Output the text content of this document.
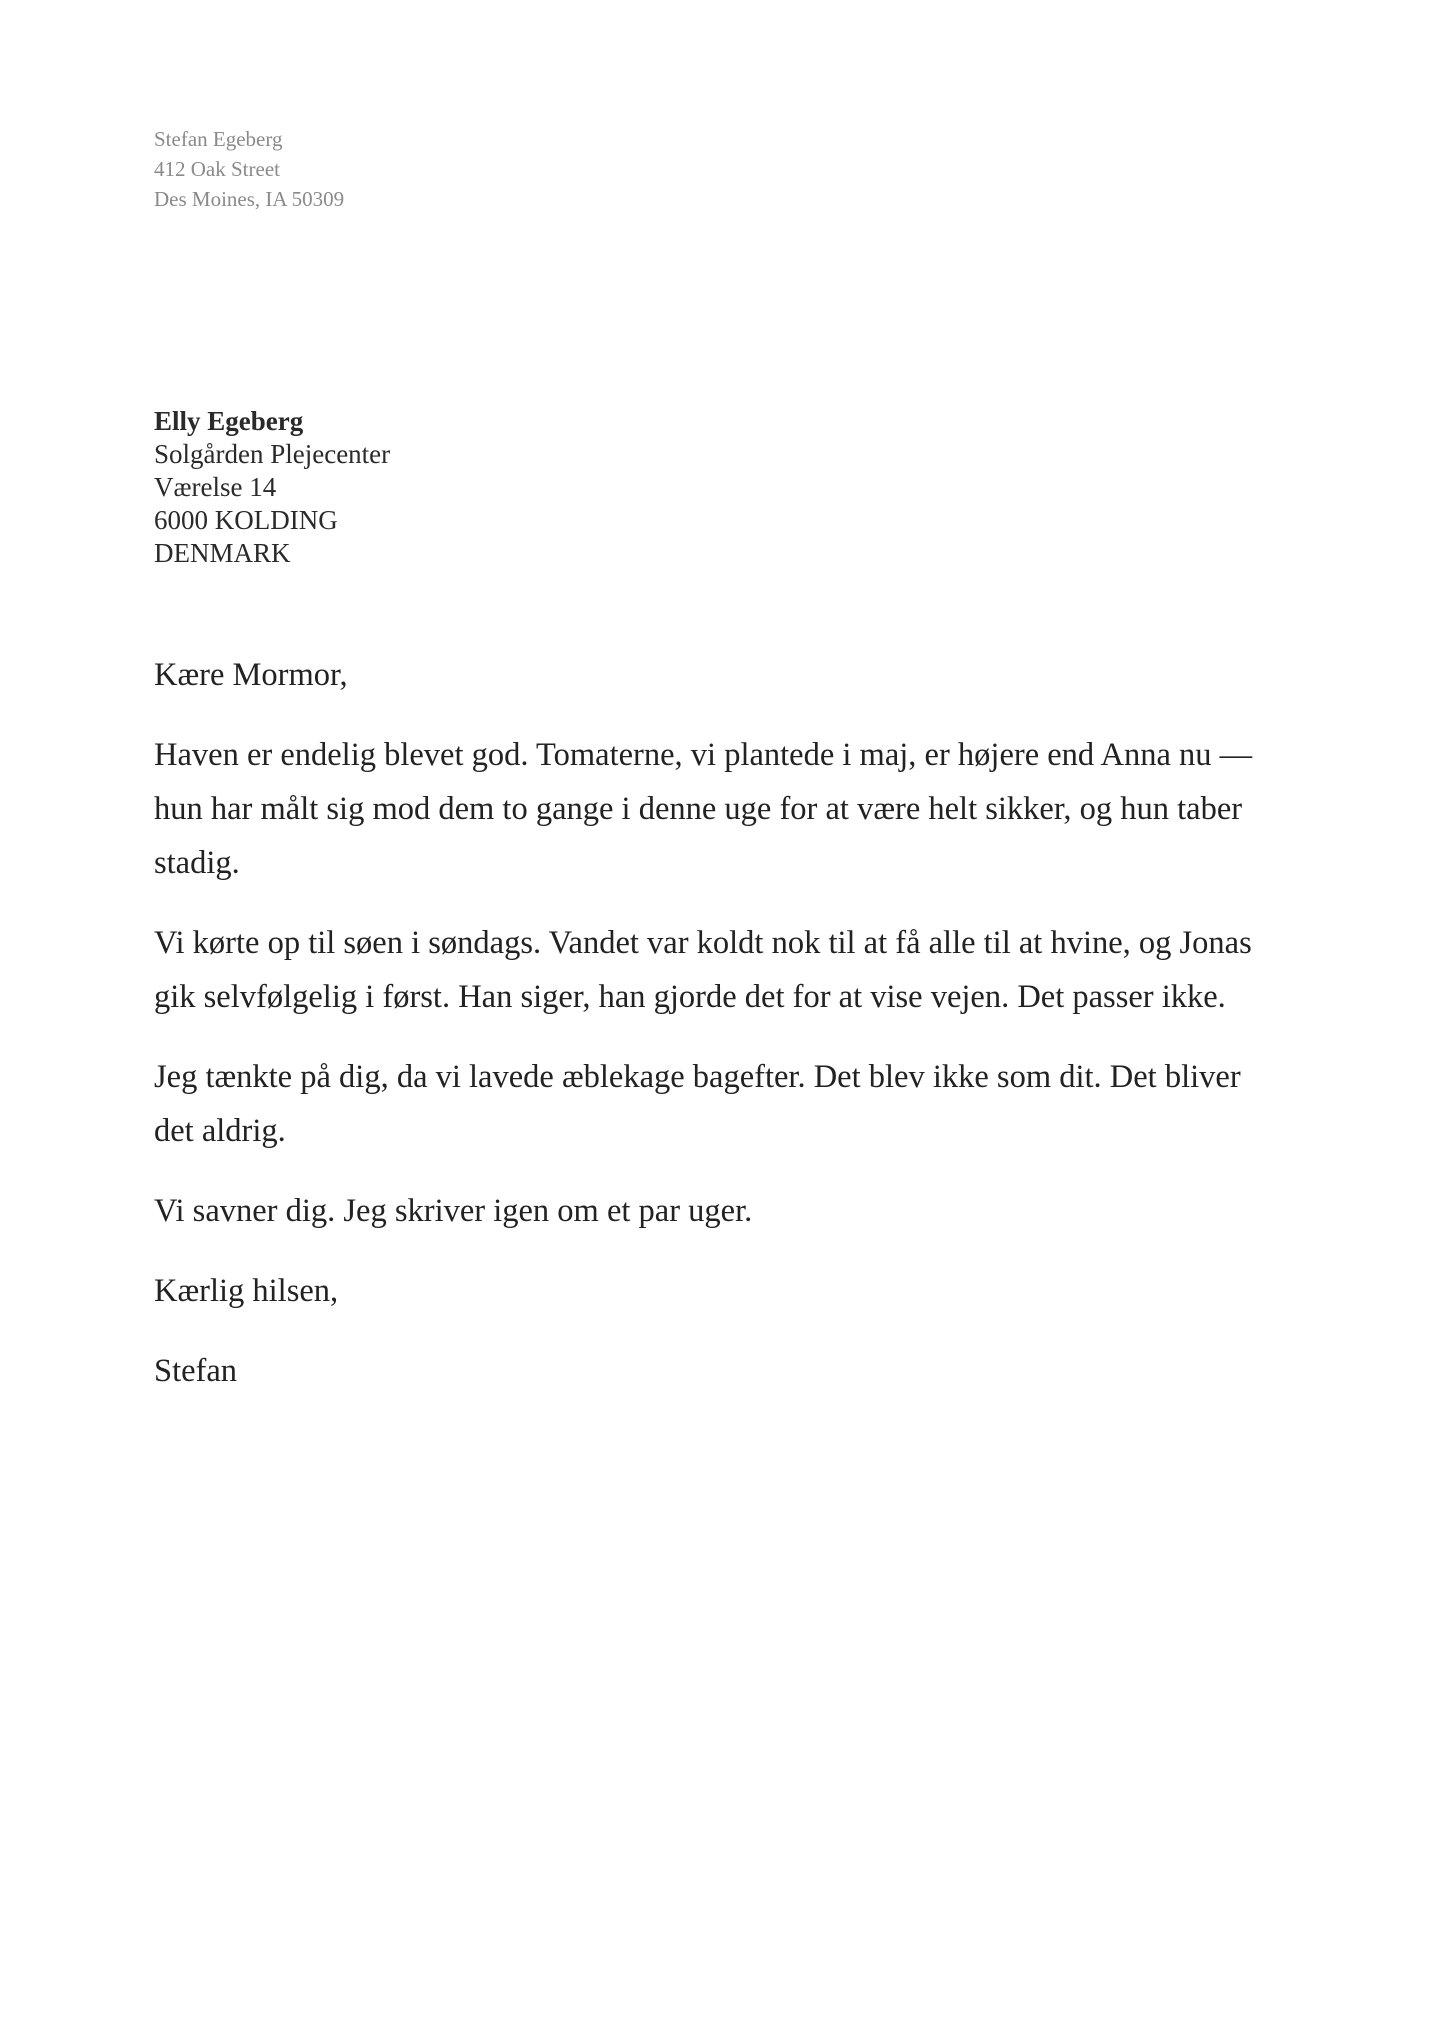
Stefan Egeberg
412 Oak Street
Des Moines, IA 50309
Elly Egeberg
Solgården Plejecenter
Værelse 14
6000 KOLDING
DENMARK

Kære Mormor,

Haven er endelig blevet god. Tomaterne, vi plantede i maj, er højere end Anna nu — hun har målt sig mod dem to gange i denne uge for at være helt sikker, og hun taber stadig.

Vi kørte op til søen i søndags. Vandet var koldt nok til at få alle til at hvine, og Jonas gik selvfølgelig i først. Han siger, han gjorde det for at vise vejen. Det passer ikke.

Jeg tænkte på dig, da vi lavede æblekage bagefter. Det blev ikke som dit. Det bliver det aldrig.

Vi savner dig. Jeg skriver igen om et par uger.

Kærlig hilsen,

Stefan
